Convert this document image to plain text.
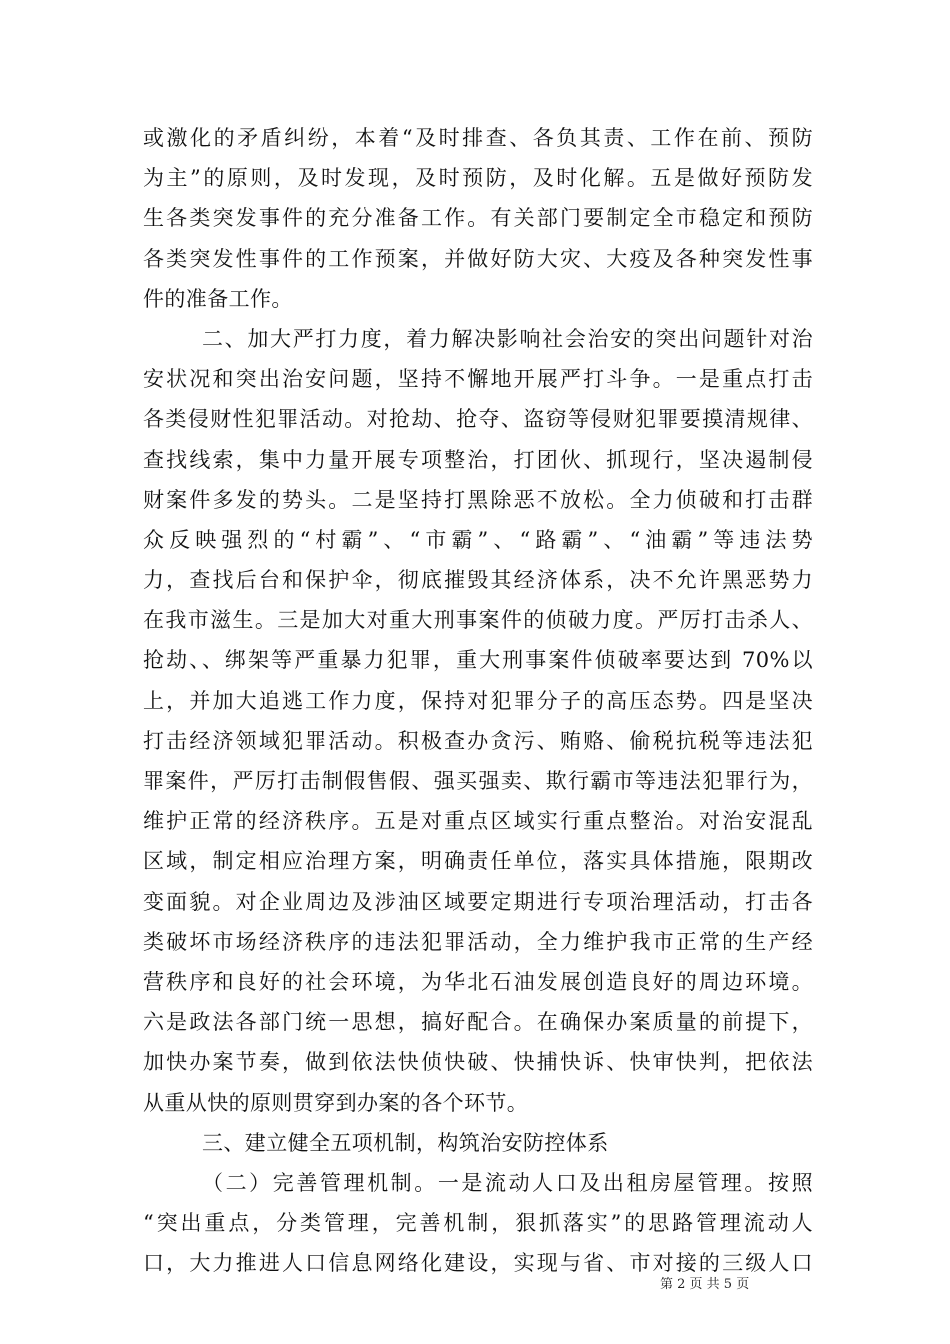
或激化的矛盾纠纷，本着“及时排查、各负其责、工作在前、预防
为主”的原则，及时发现，及时预防，及时化解。五是做好预防发
生各类突发事件的充分准备工作。有关部门要制定全市稳定和预防
各类突发性事件的工作预案，并做好防大灾、大疫及各种突发性事
件的准备工作。
二、加大严打力度，着力解决影响社会治安的突出问题针对治
安状况和突出治安问题，坚持不懈地开展严打斗争。一是重点打击
各类侵财性犯罪活动。对抢劫、抢夺、盗窃等侵财犯罪要摸清规律、
查找线索，集中力量开展专项整治，打团伙、抓现行，坚决遏制侵
财案件多发的势头。二是坚持打黑除恶不放松。全力侦破和打击群
众反映强烈的“村霸”、“市霸”、“路霸”、“油霸”等违法势
力，查找后台和保护伞，彻底摧毁其经济体系，决不允许黑恶势力
在我市滋生。三是加大对重大刑事案件的侦破力度。严厉打击杀人、
抢劫、、绑架等严重暴力犯罪，重大刑事案件侦破率要达到 70%以
上，并加大追逃工作力度，保持对犯罪分子的高压态势。四是坚决
打击经济领域犯罪活动。积极查办贪污、贿赂、偷税抗税等违法犯
罪案件，严厉打击制假售假、强买强卖、欺行霸市等违法犯罪行为，
维护正常的经济秩序。五是对重点区域实行重点整治。对治安混乱
区域，制定相应治理方案，明确责任单位，落实具体措施，限期改
变面貌。对企业周边及涉油区域要定期进行专项治理活动，打击各
类破坏市场经济秩序的违法犯罪活动，全力维护我市正常的生产经
营秩序和良好的社会环境，为华北石油发展创造良好的周边环境。
六是政法各部门统一思想，搞好配合。在确保办案质量的前提下，
加快办案节奏，做到依法快侦快破、快捕快诉、快审快判，把依法
从重从快的原则贯穿到办案的各个环节。
三、建立健全五项机制，构筑治安防控体系
（二）完善管理机制。一是流动人口及出租房屋管理。按照
“突出重点，分类管理，完善机制，狠抓落实”的思路管理流动人
口，大力推进人口信息网络化建设，实现与省、市对接的三级人口
第 2 页 共 5 页
